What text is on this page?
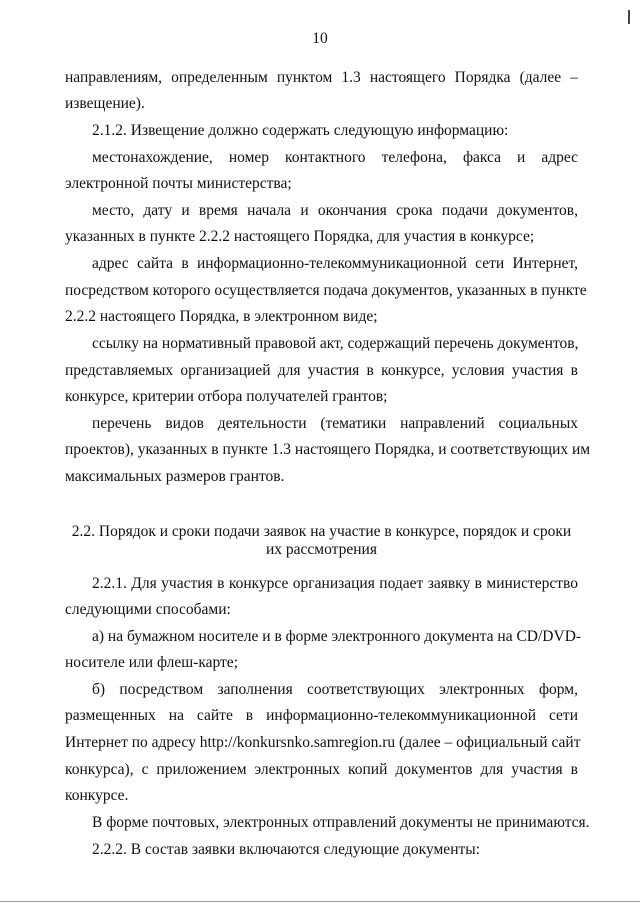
10
направлениям, определенным пунктом 1.3 настоящего Порядка (далее –
извещение).
2.1.2. Извещение должно содержать следующую информацию:
местонахождение, номер контактного телефона, факса и адрес
электронной почты министерства;
место, дату и время начала и окончания срока подачи документов,
указанных в пункте 2.2.2 настоящего Порядка, для участия в конкурсе;
адрес сайта в информационно-телекоммуникационной сети Интернет,
посредством которого осуществляется подача документов, указанных в пункте
2.2.2 настоящего Порядка, в электронном виде;
ссылку на нормативный правовой акт, содержащий перечень документов,
представляемых организацией для участия в конкурсе, условия участия в
конкурсе, критерии отбора получателей грантов;
перечень видов деятельности (тематики направлений социальных
проектов), указанных в пункте 1.3 настоящего Порядка, и соответствующих им
максимальных размеров грантов.
2.2. Порядок и сроки подачи заявок на участие в конкурсе, порядок и сроки
их рассмотрения
2.2.1. Для участия в конкурсе организация подает заявку в министерство
следующими способами:
а) на бумажном носителе и в форме электронного документа на CD/DVD-
носителе или флеш-карте;
б) посредством заполнения соответствующих электронных форм,
размещенных на сайте в информационно-телекоммуникационной сети
Интернет по адресу http://konkursnko.samregion.ru (далее – официальный сайт
конкурса), с приложением электронных копий документов для участия в
конкурсе.
В форме почтовых, электронных отправлений документы не принимаются.
2.2.2. В состав заявки включаются следующие документы:
